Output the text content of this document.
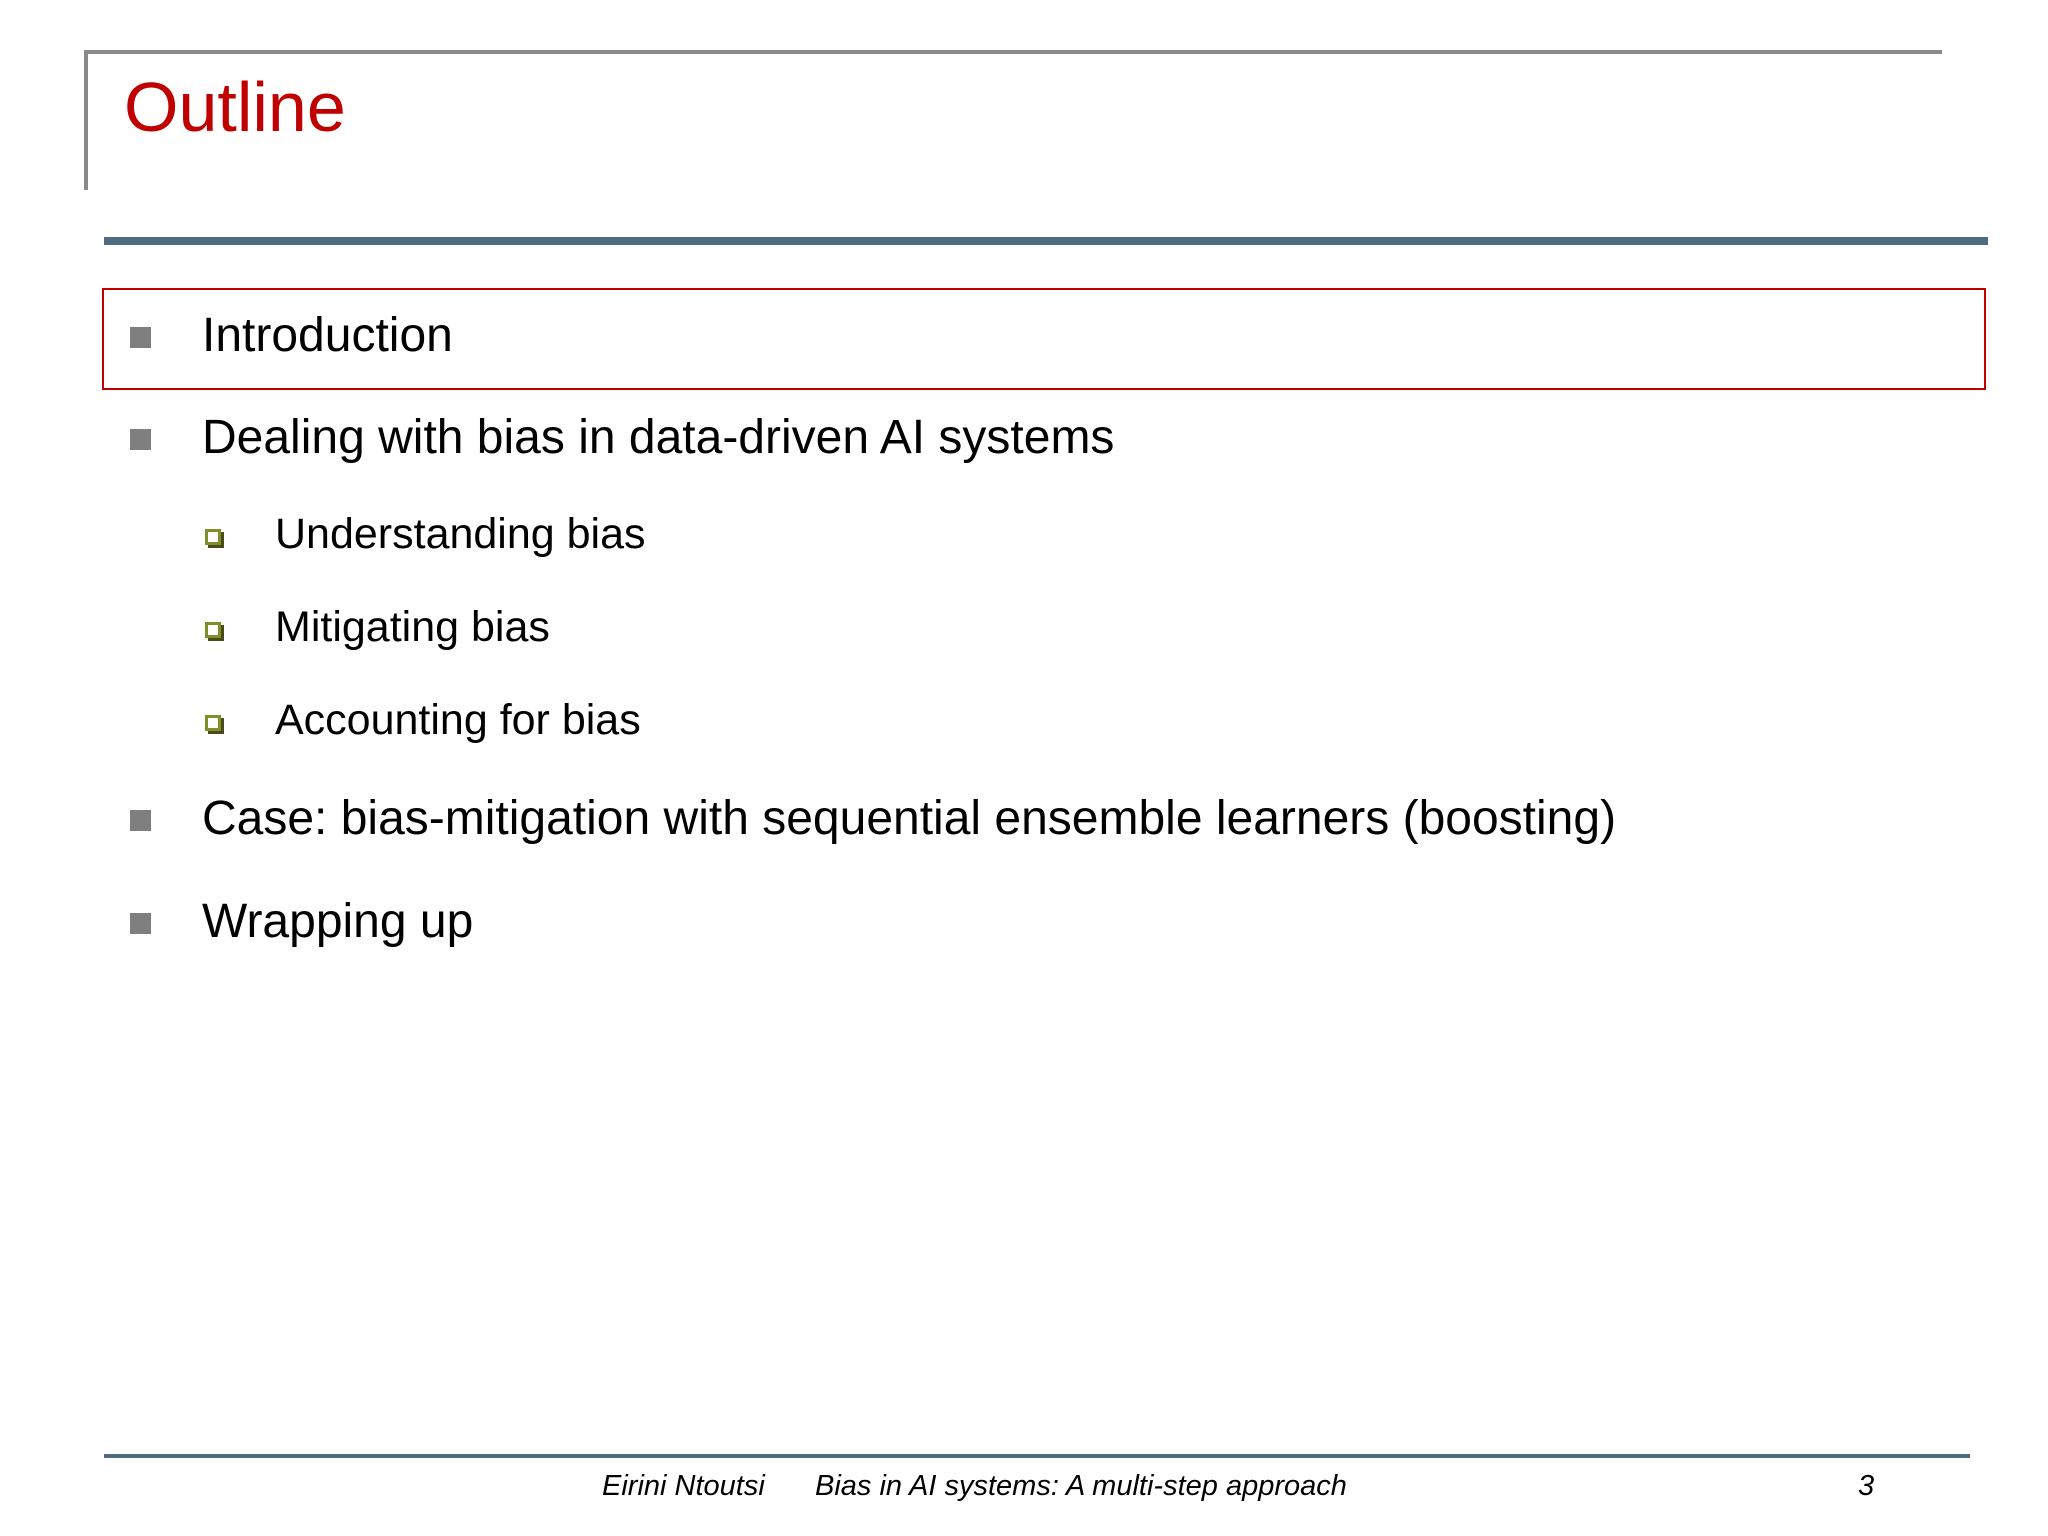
Outline
Introduction
Dealing with bias in data-driven AI systems
Understanding bias
Mitigating bias
Accounting for bias
Case: bias-mitigation with sequential ensemble learners (boosting)
Wrapping up
Eirini Ntoutsi Bias in AI systems: A multi-step approach	3
